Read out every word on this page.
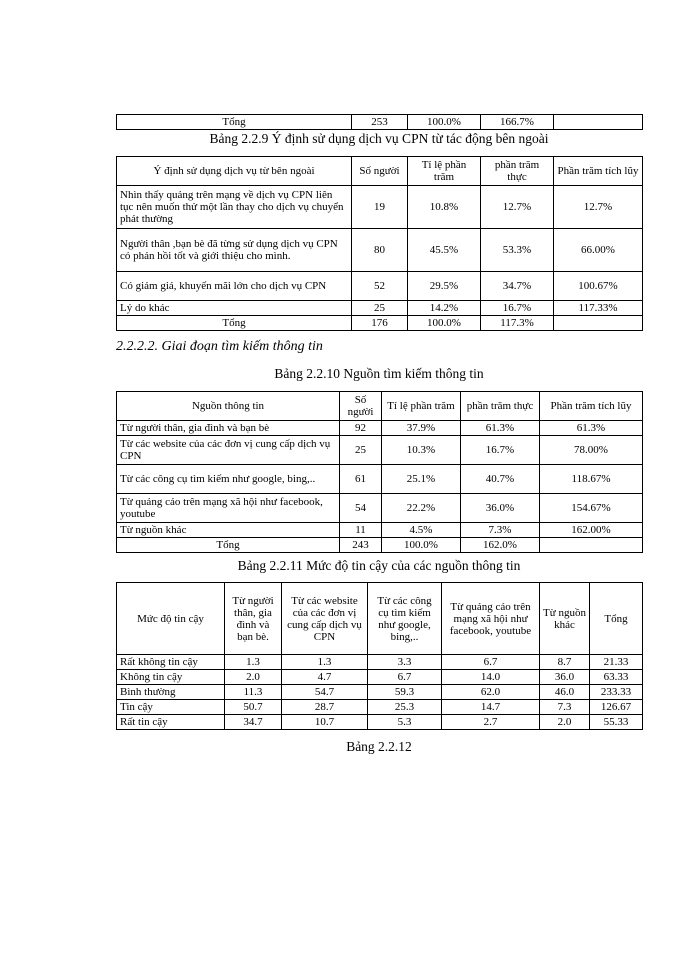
Tổng	253	100.0%	166.7%	
Bảng 2.2.9 Ý định sử dụng dịch vụ CPN từ tác động bên ngoài
Ý định sử dụng dịch vụ từ bên ngoài	Số người	Tỉ lệ phần trăm	phần trăm thực	Phần trăm tích lũy
Nhìn thấy quảng trên mạng về dịch vụ CPN liên tục nên muốn thử một lần thay cho dịch vụ chuyển phát thường	19	10.8%	12.7%	12.7%
Người thân ,bạn bè đã từng sử dụng dịch vụ CPN có phản hồi tốt và giới thiệu cho mình.	80	45.5%	53.3%	66.00%
Có giảm giá, khuyến mãi lớn cho dịch vụ CPN	52	29.5%	34.7%	100.67%
Lý do khác	25	14.2%	16.7%	117.33%
Tổng	176	100.0%	117.3%	
2.2.2.2. Giai đoạn tìm kiếm thông tin
Bảng 2.2.10 Nguồn tìm kiếm thông tin
Nguồn thông tin	Số người	Tỉ lệ phần trăm	phần trăm thực	Phần trăm tích lũy
Từ người thân, gia đình và bạn bè	92	37.9%	61.3%	61.3%
Từ các website của các đơn vị cung cấp dịch vụ CPN	25	10.3%	16.7%	78.00%
Từ các công cụ tìm kiếm như google, bing,..	61	25.1%	40.7%	118.67%
Từ quảng cáo trên mạng xã hội như facebook, youtube	54	22.2%	36.0%	154.67%
Từ nguồn khác	11	4.5%	7.3%	162.00%
Tổng	243	100.0%	162.0%	
Bảng 2.2.11 Mức độ tin cậy của các nguồn thông tin
Mức độ tin cậy	Từ người thân, gia đình và bạn bè.	Từ các website của các đơn vị cung cấp dịch vụ CPN	Từ các công cụ tìm kiếm như google, bing,..	Từ quảng cáo trên mạng xã hội như facebook, youtube	Từ nguồn khác	Tổng
Rất không tin cậy	1.3	1.3	3.3	6.7	8.7	21.33
Không tin cậy	2.0	4.7	6.7	14.0	36.0	63.33
Bình thường	11.3	54.7	59.3	62.0	46.0	233.33
Tin cậy	50.7	28.7	25.3	14.7	7.3	126.67
Rất tin cậy	34.7	10.7	5.3	2.7	2.0	55.33
Bảng 2.2.12
